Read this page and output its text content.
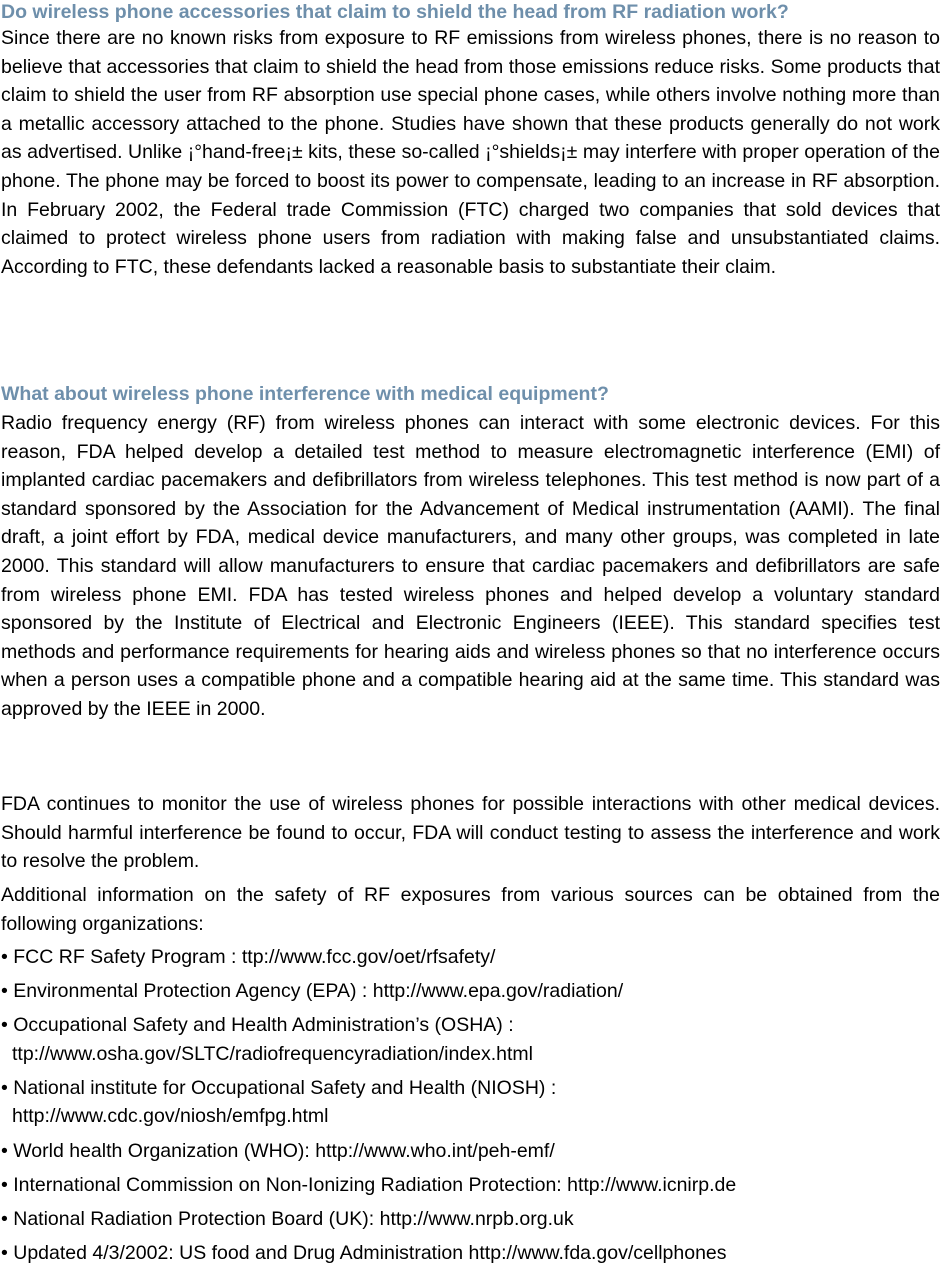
Do wireless phone accessories that claim to shield the head from RF radiation work?

Since there are no known risks from exposure to RF emissions from wireless phones, there is no reason to believe that accessories that claim to shield the head from those emissions reduce risks. Some products that claim to shield the user from RF absorption use special phone cases, while others involve nothing more than a metallic accessory attached to the phone. Studies have shown that these products generally do not work as advertised. Unlike ¡°hand-free¡± kits, these so-called ¡°shields¡± may interfere with proper operation of the phone. The phone may be forced to boost its power to compensate, leading to an increase in RF absorption. In February 2002, the Federal trade Commission (FTC) charged two companies that sold devices that claimed to protect wireless phone users from radiation with making false and unsubstantiated claims. According to FTC, these defendants lacked a reasonable basis to substantiate their claim.

What about wireless phone interference with medical equipment?

Radio frequency energy (RF) from wireless phones can interact with some electronic devices. For this reason, FDA helped develop a detailed test method to measure electromagnetic interference (EMI) of implanted cardiac pacemakers and defibrillators from wireless telephones. This test method is now part of a standard sponsored by the Association for the Advancement of Medical instrumentation (AAMI). The final draft, a joint effort by FDA, medical device manufacturers, and many other groups, was completed in late 2000. This standard will allow manufacturers to ensure that cardiac pacemakers and defibrillators are safe from wireless phone EMI. FDA has tested wireless phones and helped develop a voluntary standard sponsored by the Institute of Electrical and Electronic Engineers (IEEE). This standard specifies test methods and performance requirements for hearing aids and wireless phones so that no interference occurs when a person uses a compatible phone and a compatible hearing aid at the same time. This standard was approved by the IEEE in 2000.

FDA continues to monitor the use of wireless phones for possible interactions with other medical devices. Should harmful interference be found to occur, FDA will conduct testing to assess the interference and work to resolve the problem.

Additional information on the safety of RF exposures from various sources can be obtained from the following organizations:

• FCC RF Safety Program : ttp://www.fcc.gov/oet/rfsafety/
• Environmental Protection Agency (EPA) : http://www.epa.gov/radiation/
• Occupational Safety and Health Administration’s (OSHA) :
ttp://www.osha.gov/SLTC/radiofrequencyradiation/index.html
• National institute for Occupational Safety and Health (NIOSH) :
http://www.cdc.gov/niosh/emfpg.html
• World health Organization (WHO): http://www.who.int/peh-emf/
• International Commission on Non-Ionizing Radiation Protection: http://www.icnirp.de
• National Radiation Protection Board (UK): http://www.nrpb.org.uk
• Updated 4/3/2002: US food and Drug Administration http://www.fda.gov/cellphones
